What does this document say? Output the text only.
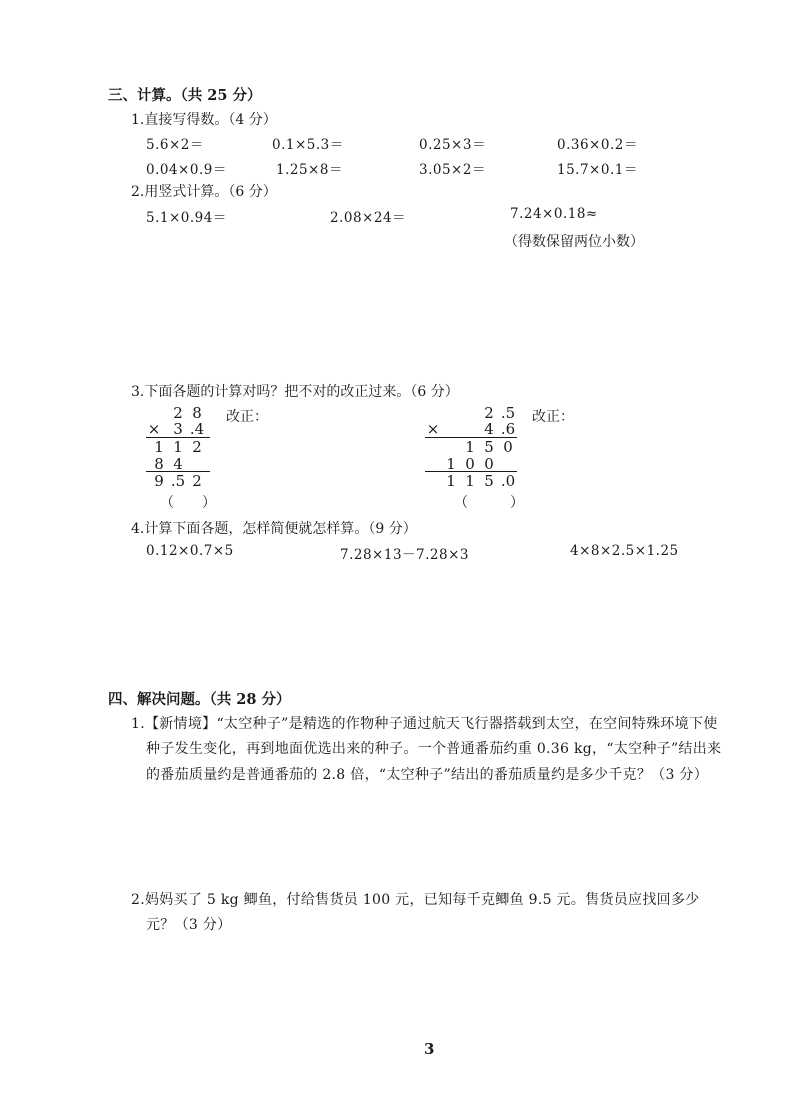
三、计算。（共 25 分）
1.直接写得数。（4 分）
5.6×2＝	0.1×5.3＝	0.25×3＝	0.36×0.2＝
0.04×0.9＝	1.25×8＝	3.05×2＝	15.7×0.1＝
2.用竖式计算。（6 分）
5.1×0.94＝	2.08×24＝	7.24×0.18≈
（得数保留两位小数）
3.下面各题的计算对吗？把不对的改正过来。（6 分）
2 8
× 3 .4
1 1 2
8 4
9 .5 2
改正：
（　　）
2 .5
×	4 .6
1 5 0
1 0 0
1 1 5 .0
改正：
（　　　）
4.计算下面各题，怎样简便就怎样算。（9 分）
0.12×0.7×5	7.28×13－7.28×3	4×8×2.5×1.25
四、解决问题。（共 28 分）
1.【新情境】“太空种子”是精选的作物种子通过航天飞行器搭载到太空，在空间特殊环境下使
种子发生变化，再到地面优选出来的种子。一个普通番茄约重 0.36 kg，“太空种子”结出来
的番茄质量约是普通番茄的 2.8 倍，“太空种子”结出的番茄质量约是多少千克？（3 分）
2.妈妈买了 5 kg 鲫鱼，付给售货员 100 元，已知每千克鲫鱼 9.5 元。售货员应找回多少
元？（3 分）
3
